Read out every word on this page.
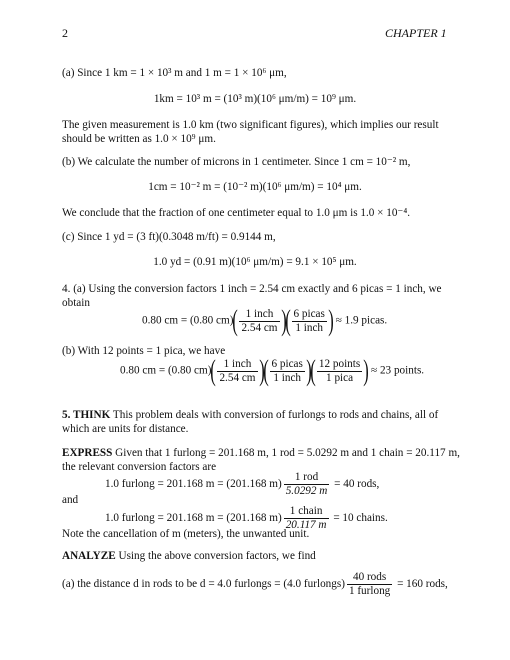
2	CHAPTER 1
(a) Since 1 km = 1 × 10³ m and 1 m = 1 × 10⁶ μm,
1km = 10³ m = (10³ m)(10⁶ μm/m) = 10⁹ μm.
The given measurement is 1.0 km (two significant figures), which implies our result
should be written as 1.0 × 10⁹ μm.
(b) We calculate the number of microns in 1 centimeter. Since 1 cm = 10⁻² m,
1cm = 10⁻² m = (10⁻² m)(10⁶ μm/m) = 10⁴ μm.
We conclude that the fraction of one centimeter equal to 1.0 μm is 1.0 × 10⁻⁴.
(c) Since 1 yd = (3 ft)(0.3048 m/ft) = 0.9144 m,
1.0 yd = (0.91 m)(10⁶ μm/m) = 9.1 × 10⁵ μm.
4. (a) Using the conversion factors 1 inch = 2.54 cm exactly and 6 picas = 1 inch, we
obtain
0.80 cm = (0.80 $cm)( \frac{\text{1 inch}}{2.54 cm}$ )( $\frac{\text{6 picas}}{\text{1 inch}}$ ) ≈ 1.9 picas.
(b) With 12 points = 1 pica, we have
0.80 cm = (0.80 $cm)( \frac{\text{1 inch}}{2.54 cm}$ )( $\frac{\text{6 picas}}{\text{1 inch}}$ )( $\frac{\text{12 points}}{\text{1 pica}}$ ) ≈ 23 points.
5. THINK This problem deals with conversion of furlongs to rods and chains, all of
which are units for distance.
EXPRESS Given that 1 furlong = 201.168 m, 1 rod = 5.0292 m and 1 chain = 20.117 m,
the relevant conversion factors are
1.0 furlong = 201.168 m = (201.168 $m) \frac{\text{1 rod}}{5.0292 m} = 40$ rods,
and
1.0 furlong = 201.168 m = (201.168 $m) \frac{\text{1 chain}}{20.117 m} = 10$ chains.
Note the cancellation of m (meters), the unwanted unit.
ANALYZE Using the above conversion factors, we find
(a) the distance d in rods to be d = 4.0 furlongs = (4.0 furlongs) $\frac{\text{40 rods}}{\text{1 furlong}} = 160$ rods,
